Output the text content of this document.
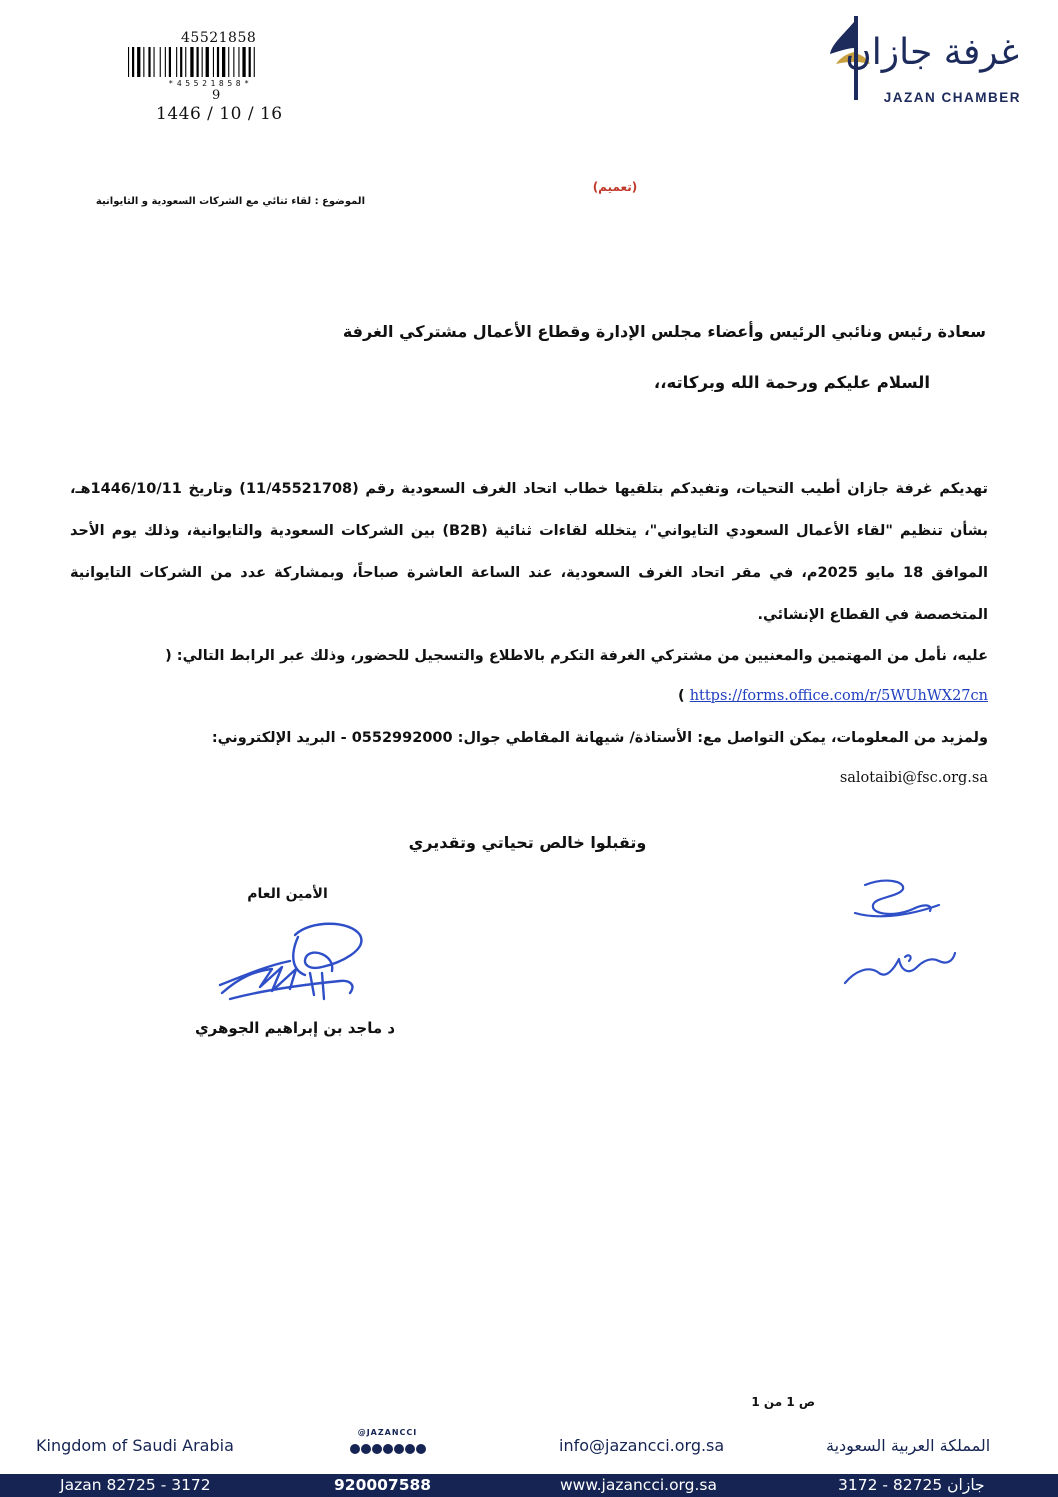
45521858
*45521858*
9
1446 / 10 / 16
غرفة جازان
JAZAN CHAMBER
(تعميم)
الموضوع : لقاء ثنائي مع الشركات السعودية و التايوانية
سعادة رئيس ونائبي الرئيس وأعضاء مجلس الإدارة وقطاع الأعمال مشتركي الغرفة
السلام عليكم ورحمة الله وبركاته،،
تهديكم غرفة جازان أطيب التحيات، وتفيدكم بتلقيها خطاب اتحاد الغرف السعودية رقم (11/45521708) وتاريخ 1446/10/11هـ، بشأن تنظيم "لقاء الأعمال السعودي التايواني"، يتخلله لقاءات ثنائية (B2B) بين الشركات السعودية والتايوانية، وذلك يوم الأحد الموافق 18 مايو 2025م، في مقر اتحاد الغرف السعودية، عند الساعة العاشرة صباحاً، وبمشاركة عدد من الشركات التايوانية المتخصصة في القطاع الإنشائي.
عليه، نأمل من المهتمين والمعنيين من مشتركي الغرفة التكرم بالاطلاع والتسجيل للحضور، وذلك عبر الرابط التالي: ( https://forms.office.com/r/5WUhWX27cn )
ولمزيد من المعلومات، يمكن التواصل مع: الأستاذة/ شيهانة المقاطي جوال: 0552992000 - البريد الإلكتروني: salotaibi@fsc.org.sa
وتقبلوا خالص تحياتي وتقديري
الأمين العام
د ماجد بن إبراهيم الجوهري
ص 1 من 1
Kingdom of Saudi Arabia
@JAZANCCI
info@jazancci.org.sa	المملكة العربية السعودية
Jazan 82725 - 3172	920007588	www.jazancci.org.sa	جازان 82725 - 3172
